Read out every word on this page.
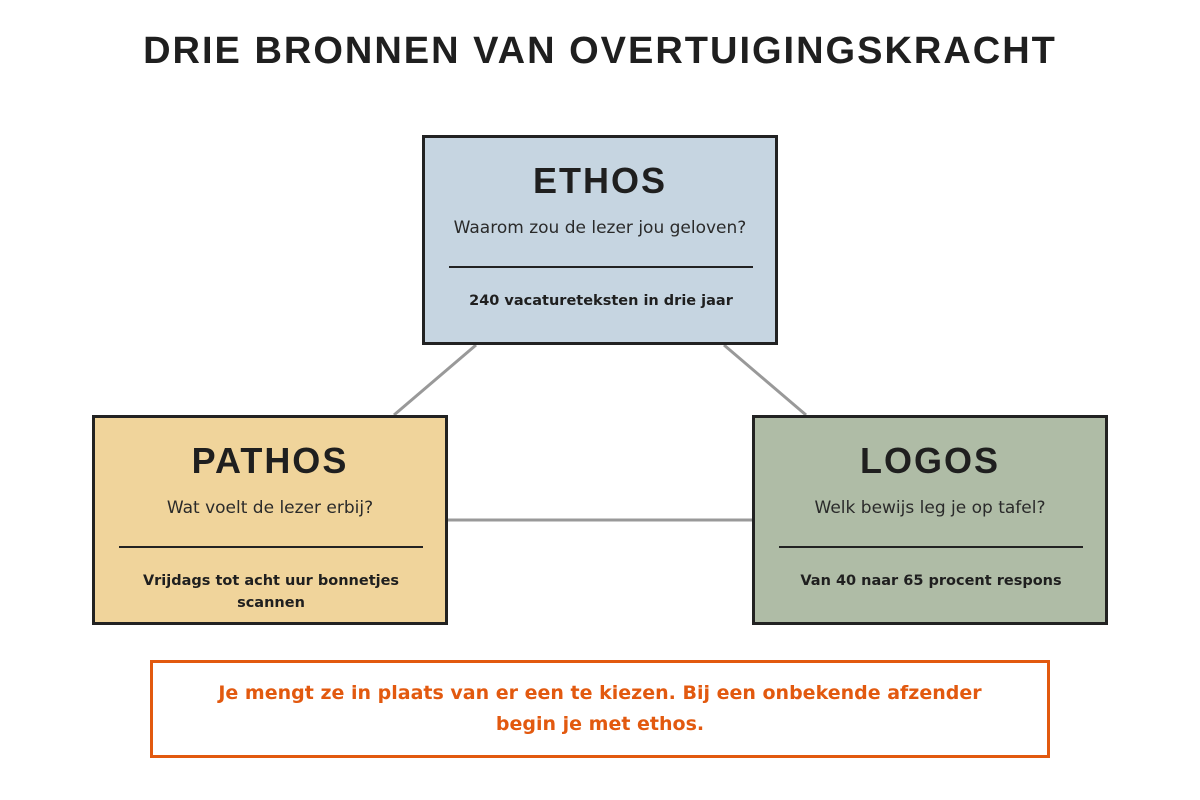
DRIE BRONNEN VAN OVERTUIGINGSKRACHT
ETHOS
Waarom zou de lezer jou geloven?
240 vacatureteksten in drie jaar
PATHOS
Wat voelt de lezer erbij?
Vrijdags tot acht uur bonnetjes scannen
LOGOS
Welk bewijs leg je op tafel?
Van 40 naar 65 procent respons
Je mengt ze in plaats van er een te kiezen. Bij een onbekende afzender begin je met ethos.
